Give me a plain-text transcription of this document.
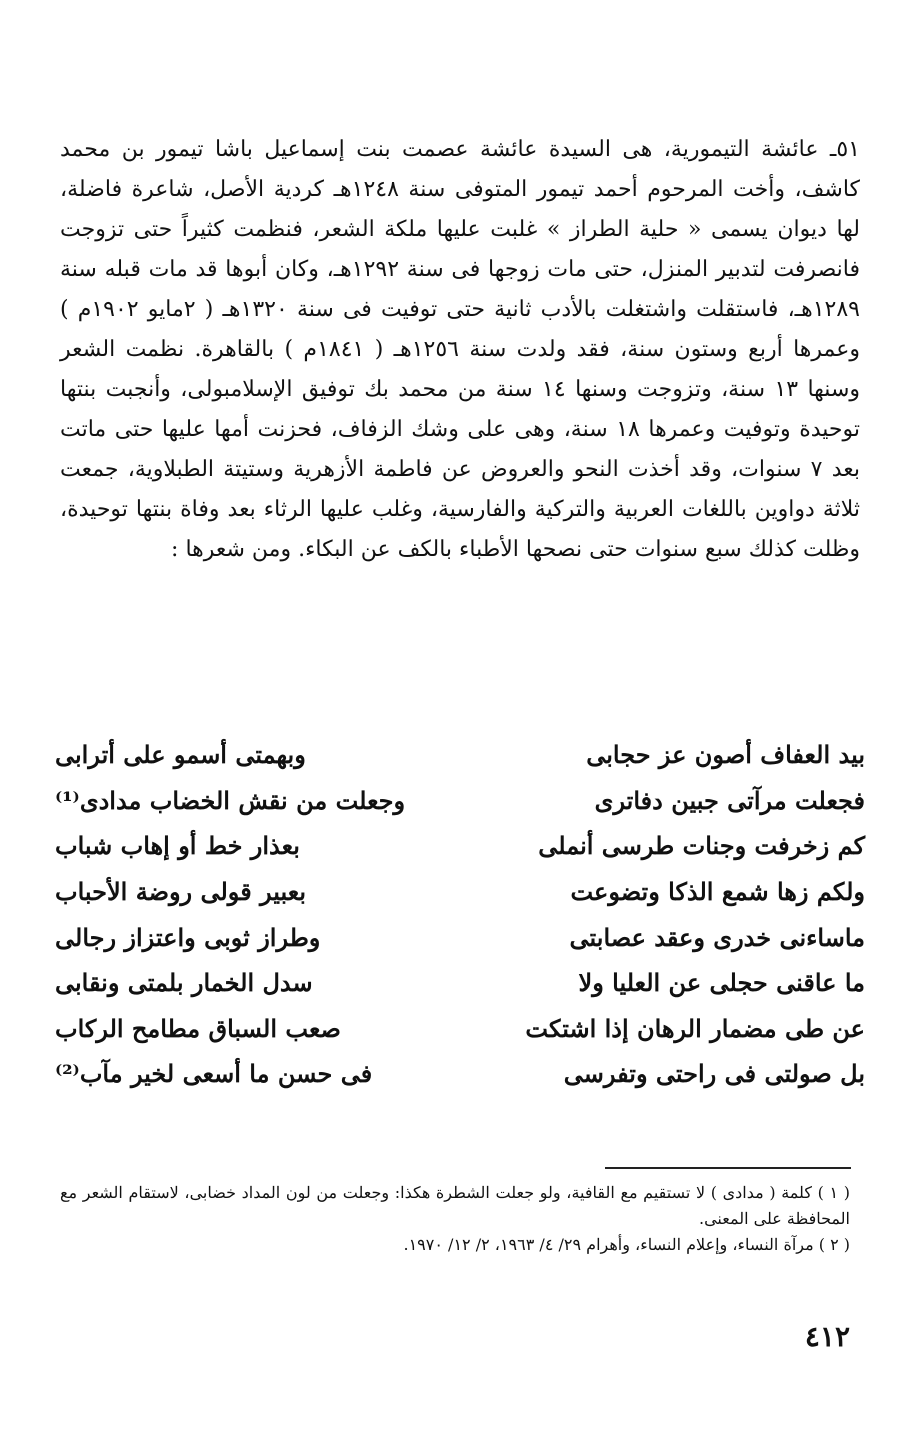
٥١ـ عائشة التيمورية، هى السيدة عائشة عصمت بنت إسماعيل باشا تيمور بن محمد كاشف، وأخت المرحوم أحمد تيمور المتوفى سنة ١٢٤٨هـ كردية الأصل، شاعرة فاضلة، لها ديوان يسمى « حلية الطراز » غلبت عليها ملكة الشعر، فنظمت كثيراً حتى تزوجت فانصرفت لتدبير المنزل، حتى مات زوجها فى سنة ١٢٩٢هـ، وكان أبوها قد مات قبله سنة ١٢٨٩هـ، فاستقلت واشتغلت بالأدب ثانية حتى توفيت فى سنة ١٣٢٠هـ ( ٢مايو ١٩٠٢م ) وعمرها أربع وستون سنة، فقد ولدت سنة ١٢٥٦هـ ( ١٨٤١م ) بالقاهرة. نظمت الشعر وسنها ١٣ سنة، وتزوجت وسنها ١٤ سنة من محمد بك توفيق الإسلامبولى، وأنجبت بنتها توحيدة وتوفيت وعمرها ١٨ سنة، وهى على وشك الزفاف، فحزنت أمها عليها حتى ماتت بعد ٧ سنوات، وقد أخذت النحو والعروض عن فاطمة الأزهرية وستيتة الطبلاوية، جمعت ثلاثة دواوين باللغات العربية والتركية والفارسية، وغلب عليها الرثاء بعد وفاة بنتها توحيدة، وظلت كذلك سبع سنوات حتى نصحها الأطباء بالكف عن البكاء. ومن شعرها :

بيد العفاف أصون عز حجابى
وبهمتى أسمو على أترابى
فجعلت مرآتى جبين دفاترى
وجعلت من نقش الخضاب مدادى⁽¹⁾
كم زخرفت وجنات طرسى أنملى
بعذار خط أو إهاب شباب
ولكم زها شمع الذكا وتضوعت
بعبير قولى روضة الأحباب
ماساءنى خدرى وعقد عصابتى
وطراز ثوبى واعتزاز رجالى
ما عاقنى حجلى عن العليا ولا
سدل الخمار بلمتى ونقابى
عن طى مضمار الرهان إذا اشتكت
صعب السباق مطامح الركاب
بل صولتى فى راحتى وتفرسى
فى حسن ما أسعى لخير مآب⁽²⁾

( ١ ) كلمة ( مدادى ) لا تستقيم مع القافية، ولو جعلت الشطرة هكذا: وجعلت من لون المداد خضابى، لاستقام الشعر مع المحافظة على المعنى.

( ٢ ) مرآة النساء، وإعلام النساء، وأهرام ٢٩/ ٤/ ١٩٦٣، ٢/ ١٢/ ١٩٧٠.

٤١٢
